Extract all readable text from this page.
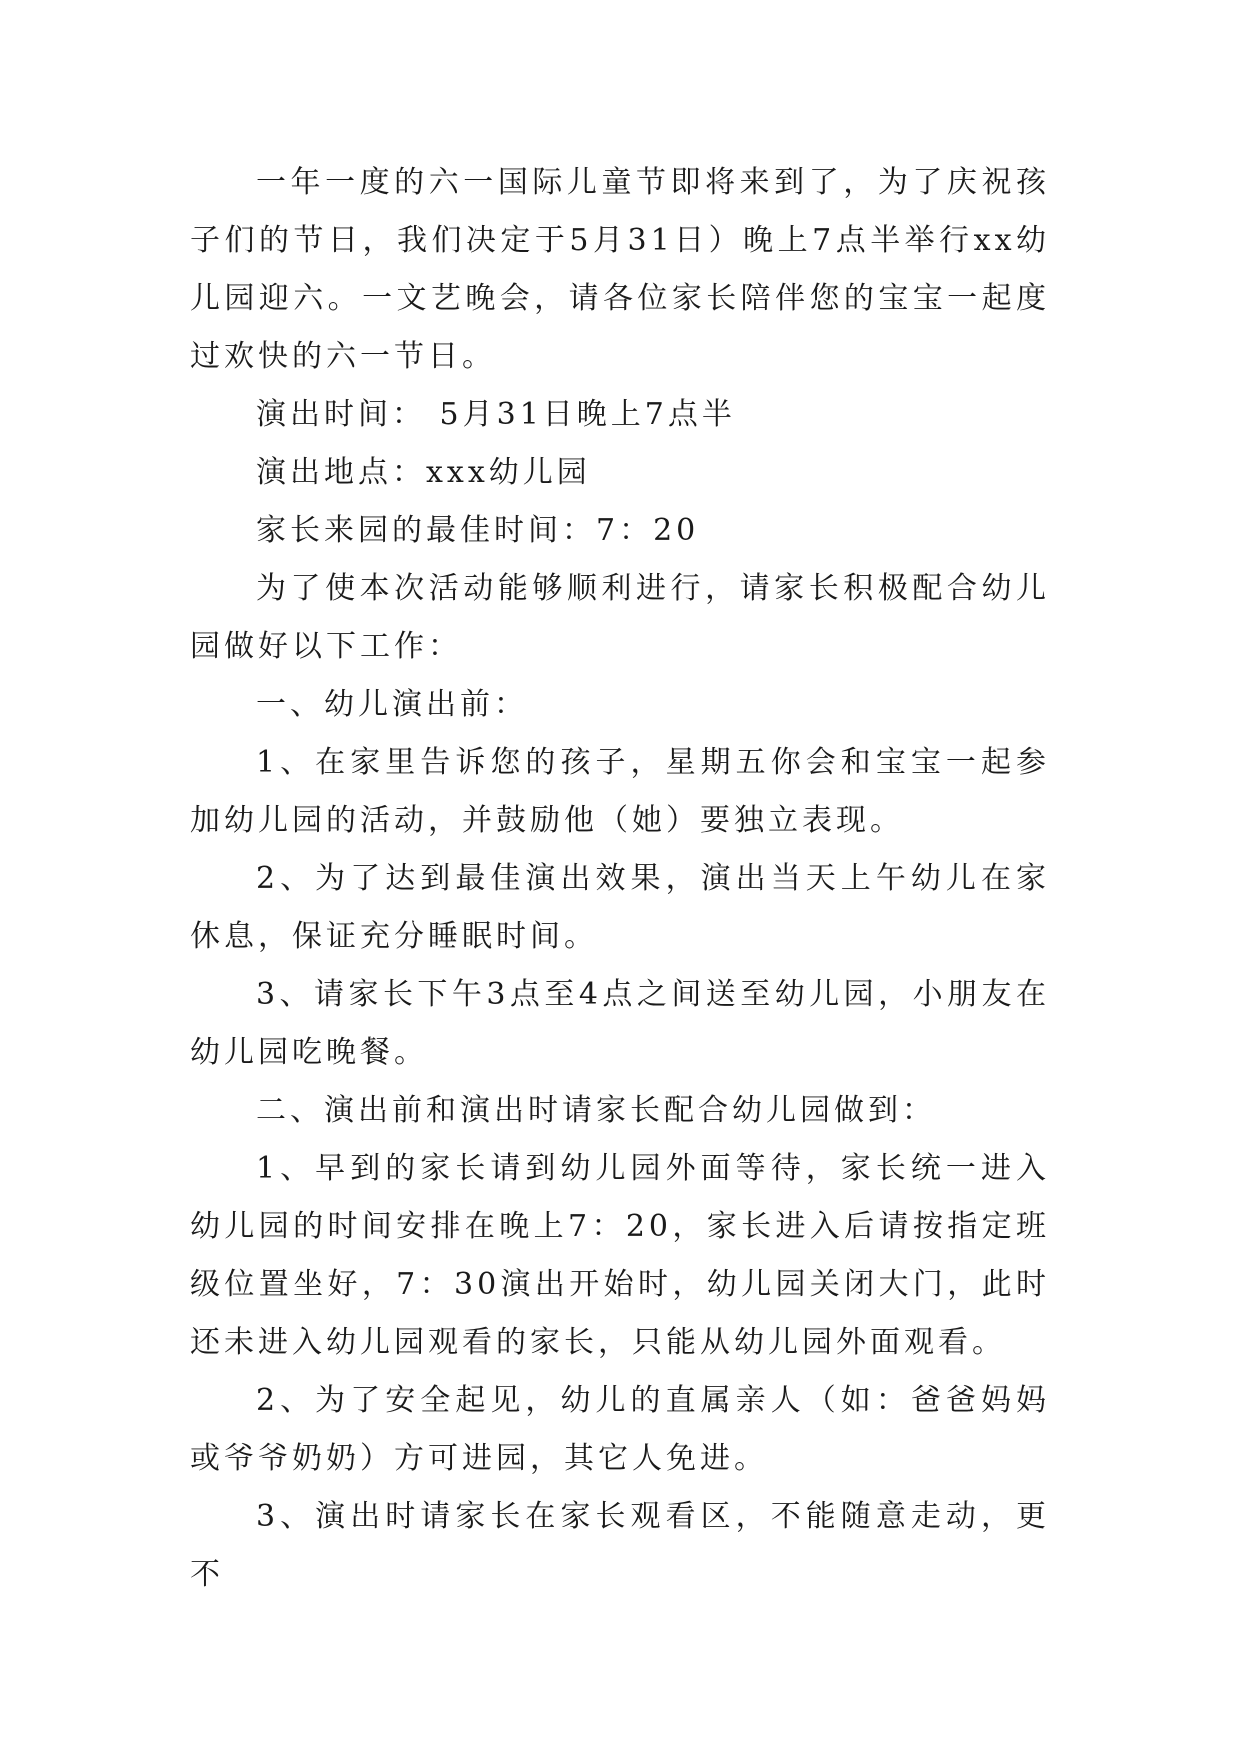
一年一度的六一国际儿童节即将来到了，为了庆祝孩子们的节日，我们决定于5月31日）晚上7点半举行xx幼儿园迎六。一文艺晚会，请各位家长陪伴您的宝宝一起度过欢快的六一节日。

演出时间： 5月31日晚上7点半

演出地点：xxx幼儿园

家长来园的最佳时间：7：20

为了使本次活动能够顺利进行，请家长积极配合幼儿园做好以下工作：

一、幼儿演出前：

1、在家里告诉您的孩子，星期五你会和宝宝一起参加幼儿园的活动，并鼓励他（她）要独立表现。

2、为了达到最佳演出效果，演出当天上午幼儿在家休息，保证充分睡眠时间。

3、请家长下午3点至4点之间送至幼儿园，小朋友在幼儿园吃晚餐。

二、演出前和演出时请家长配合幼儿园做到：

1、早到的家长请到幼儿园外面等待，家长统一进入幼儿园的时间安排在晚上7：20，家长进入后请按指定班级位置坐好，7：30演出开始时，幼儿园关闭大门，此时还未进入幼儿园观看的家长，只能从幼儿园外面观看。

2、为了安全起见，幼儿的直属亲人（如：爸爸妈妈或爷爷奶奶）方可进园，其它人免进。

3、演出时请家长在家长观看区，不能随意走动，更不
